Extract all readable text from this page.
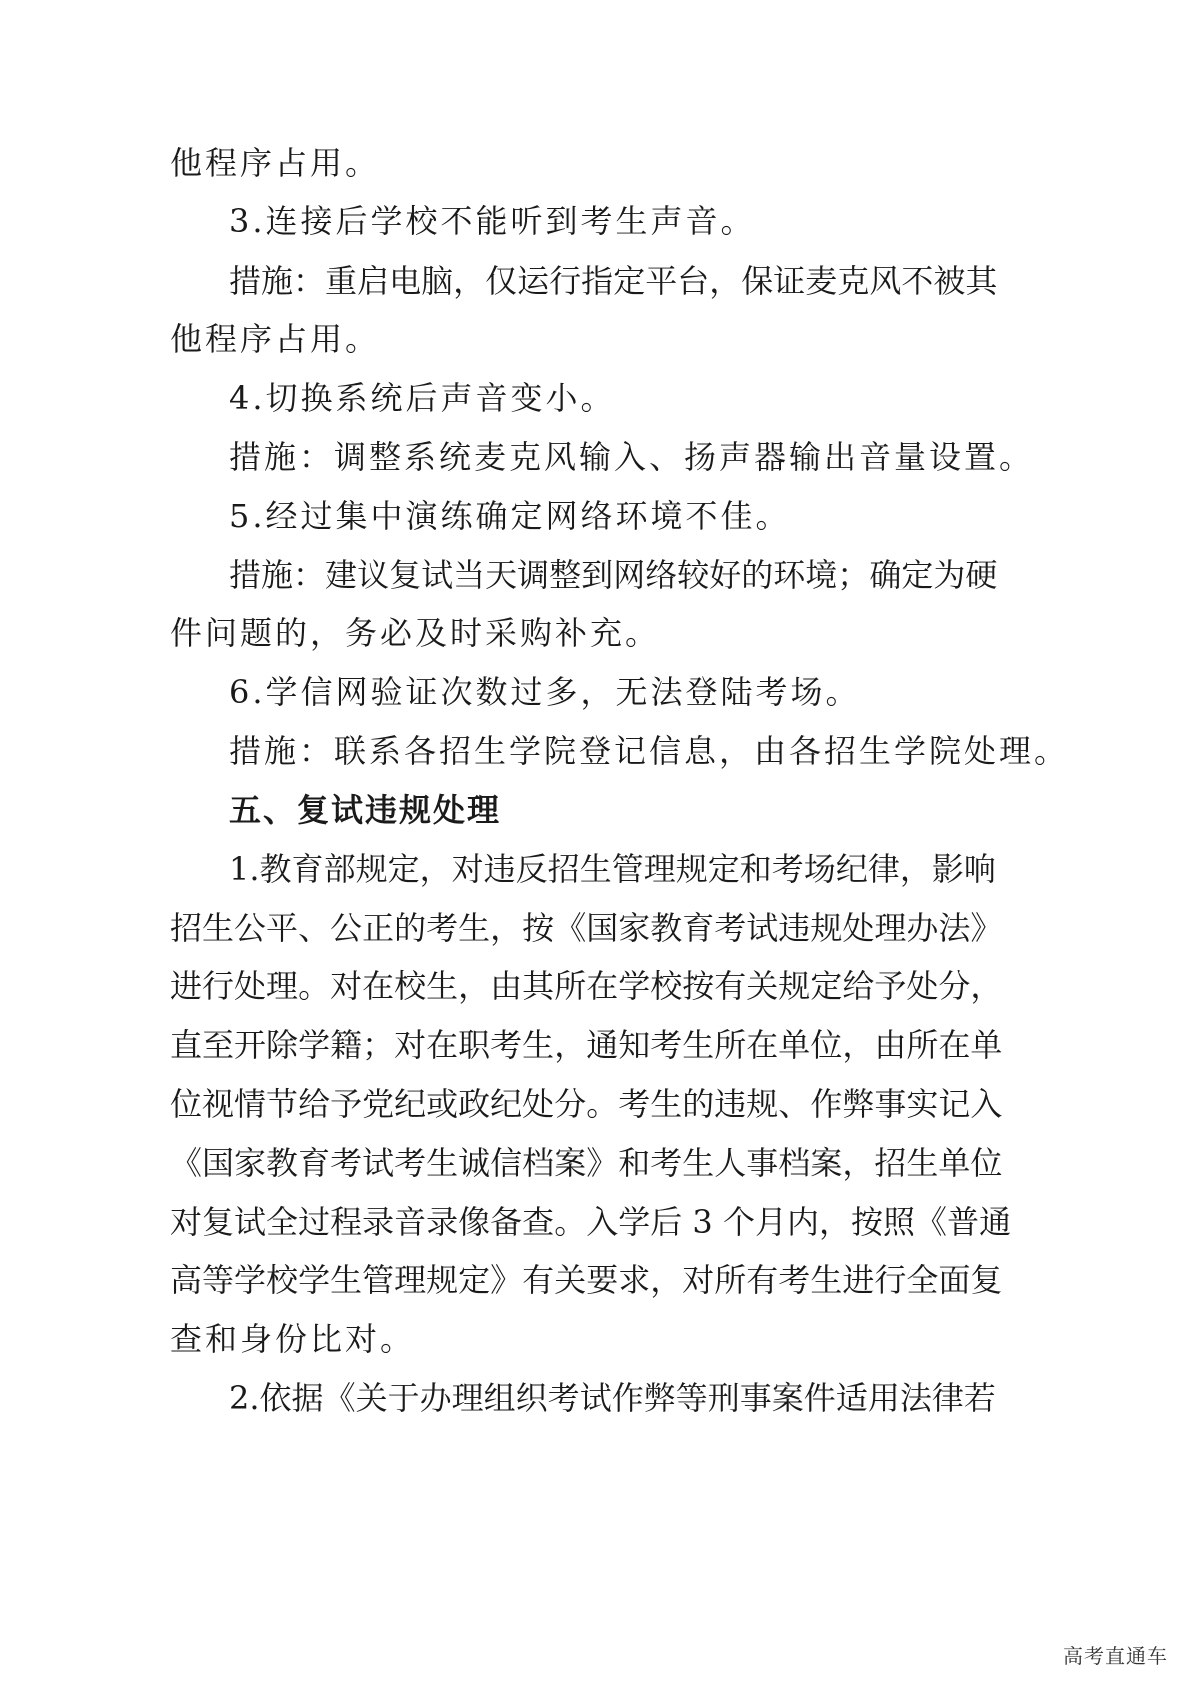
他程序占用。
3.连接后学校不能听到考生声音。
措 施 ： 重 启 电 脑 ， 仅 运 行 指 定 平 台 ， 保 证 麦 克 风 不 被 其
他程序占用。
4.切换系统后声音变小。
措施：调整系统麦克风输入、扬声器输出音量设置。
5.经过集中演练确定网络环境不佳。
措 施 ： 建 议 复 试 当 天 调 整 到 网 络 较 好 的 环 境 ； 确 定 为 硬
件问题的，务必及时采购补充。
6.学信网验证次数过多，无法登陆考场。
措施：联系各招生学院登记信息，由各招生学院处理。
五、复试违规处理
1 . 教 育 部 规 定 ， 对 违 反 招 生 管 理 规 定 和 考 场 纪 律 ， 影 响
招 生 公 平 、 公 正 的 考 生 ， 按 《 国 家 教 育 考 试 违 规 处 理 办 法 》
进 行 处 理 。 对 在 校 生 ， 由 其 所 在 学 校 按 有 关 规 定 给 予 处 分 ，
直 至 开 除 学 籍 ； 对 在 职 考 生 ， 通 知 考 生 所 在 单 位 ， 由 所 在 单
位 视 情 节 给 予 党 纪 或 政 纪 处 分 。 考 生 的 违 规 、 作 弊 事 实 记 入
《 国 家 教 育 考 试 考 生 诚 信 档 案 》 和 考 生 人 事 档 案 ， 招 生 单 位
对 复 试 全 过 程 录 音 录 像 备 查 。 入 学 后
3
个 月 内 ， 按 照 《 普 通
高 等 学 校 学 生 管 理 规 定 》 有 关 要 求 ， 对 所 有 考 生 进 行 全 面 复
查和身份比对。
2 . 依 据 《 关 于 办 理 组 织 考 试 作 弊 等 刑 事 案 件 适 用 法 律 若
高考直通车
